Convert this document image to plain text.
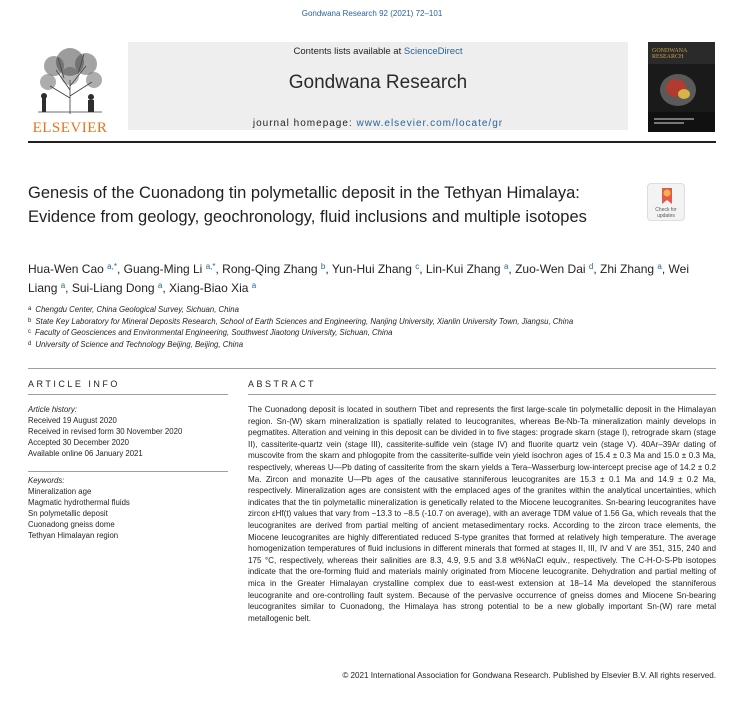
Gondwana Research 92 (2021) 72–101
ELSEVIER
Contents lists available at ScienceDirect
Gondwana Research
journal homepage: www.elsevier.com/locate/gr
GONDWANA RESEARCH
Genesis of the Cuonadong tin polymetallic deposit in the Tethyan Himalaya: Evidence from geology, geochronology, fluid inclusions and multiple isotopes	Check for updates
Hua-Wen Cao $^{a,*}$, Guang-Ming Li $^{a,*}$, Rong-Qing Zhang $^b$, Yun-Hui Zhang $^c$, Lin-Kui Zhang $^a$, Zuo-Wen Dai $^d$, Zhi Zhang $^a$, Wei Liang $^a$, Sui-Liang Dong $^a$, Xiang-Biao Xia $^a$
$^a$ Chengdu Center, China Geological Survey, Sichuan, China
$^b$ State Key Laboratory for Mineral Deposits Research, School of Earth Sciences and Engineering, Nanjing University, Xianlin University Town, Jiangsu, China
$^c$ Faculty of Geosciences and Environmental Engineering, Southwest Jiaotong University, Sichuan, China
$^d$ University of Science and Technology Beijing, Beijing, China
ARTICLE INFO	ABSTRACT
Article history:
Received 19 August 2020
Received in revised form 30 November 2020
Accepted 30 December 2020
Available online 06 January 2021
Keywords:
Mineralization age
Magmatic hydrothermal fluids
Sn polymetallic deposit
Cuonadong gneiss dome
Tethyan Himalayan region
The Cuonadong deposit is located in southern Tibet and represents the first large-scale tin polymetallic deposit in the Himalayan region. Sn-(W) skarn mineralization is spatially related to leucogranites, whereas Be-Nb-Ta mineralization mainly develops in pegmatites. Alteration and veining in this deposit can be divided in to five stages: prograde skarn (stage I), retrograde skarn (stage II), cassiterite-quartz vein (stage III), cassiterite-sulfide vein (stage IV) and fluorite quartz vein (stage V). 40Ar–39Ar dating of muscovite from the skarn and phlogopite from the cassiterite-sulfide vein yield isochron ages of 15.4 ± 0.3 Ma and 15.0 ± 0.3 Ma, respectively, whereas U—Pb dating of cassiterite from the skarn yields a Tera–Wasserburg low-intercept precise age of 14.2 ± 0.2 Ma. Zircon and monazite U—Pb ages of the causative stanniferous leucogranites are 15.3 ± 0.1 Ma and 14.9 ± 0.2 Ma, respectively. Mineralization ages are consistent with the emplaced ages of the granites within the analytical uncertainties, which indicates that the tin polymetallic mineralization is genetically related to the Miocene leucogranites. Sn-bearing leucogranites have zircon εHf(t) values that vary from −13.3 to −8.5 (-10.7 on average), with an average TDM value of 1.56 Ga, which reveals that the leucogranites are derived from partial melting of ancient metasedimentary rocks. According to the zircon trace elements, the Miocene leucogranites are highly differentiated reduced S-type granites that formed at relatively high temperature. The average homogenization temperatures of fluid inclusions in different minerals that formed at stages II, III, IV and V are 351, 315, 240 and 175 °C, respectively, whereas their salinities are 8.3, 4.9, 9.5 and 3.8 wt%NaCl equiv., respectively. The C-H-O-S-Pb isotopes indicate that the ore-forming fluid and materials mainly originated from Miocene leucogranite. Dehydration and partial melting of mica in the Greater Himalayan crystalline complex due to east-west extension at 18–14 Ma developed the stanniferous leucogranite and ore-controlling fault system. Because of the pervasive occurrence of gneiss domes and Miocene Sn-bearing leucogranites similar to Cuonadong, the Himalaya has strong potential to be a new globally important Sn-(W) rare metal metallogenic belt.
© 2021 International Association for Gondwana Research. Published by Elsevier B.V. All rights reserved.
